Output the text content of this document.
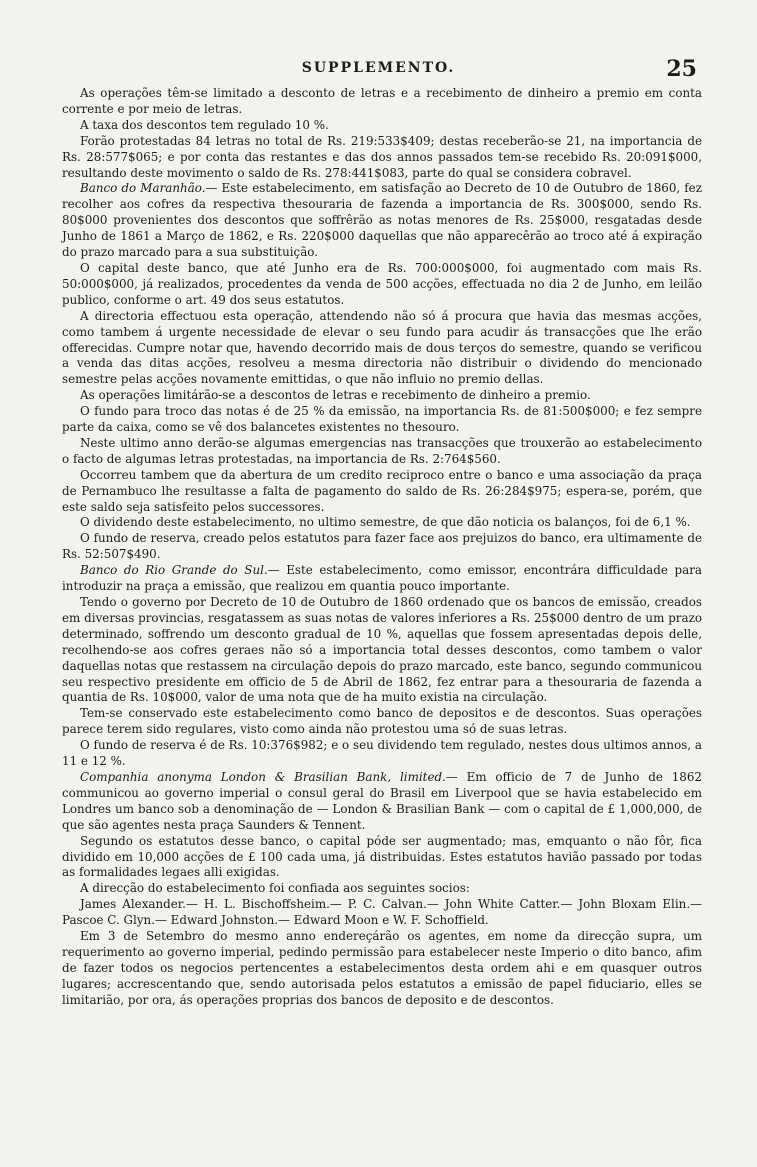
SUPPLEMENTO.	25

As operações têm-se limitado a desconto de letras e a recebimento de dinheiro a premio em conta corrente e por meio de letras.

A taxa dos descontos tem regulado 10 %.

Forão protestadas 84 letras no total de Rs. 219:533$409; destas receberão-se 21, na importancia de Rs. 28:577$065; e por conta das restantes e das dos annos passados tem-se recebido Rs. 20:091$000, resultando deste movimento o saldo de Rs. 278:441$083, parte do qual se considera cobravel.

Banco do Maranhão.— Este estabelecimento, em satisfação ao Decreto de 10 de Outubro de 1860, fez recolher aos cofres da respectiva thesouraria de fazenda a importancia de Rs. 300$000, sendo Rs. 80$000 provenientes dos descontos que soffrêrão as notas menores de Rs. 25$000, resgatadas desde Junho de 1861 a Março de 1862, e Rs. 220$000 daquellas que não apparecêrão ao troco até á expiração do prazo marcado para a sua substituição.

O capital deste banco, que até Junho era de Rs. 700:000$000, foi augmentado com mais Rs. 50:000$000, já realizados, procedentes da venda de 500 acções, effectuada no dia 2 de Junho, em leilão publico, conforme o art. 49 dos seus estatutos.

A directoria effectuou esta operação, attendendo não só á procura que havia das mesmas acções, como tambem á urgente necessidade de elevar o seu fundo para acudir ás transacções que lhe erão offerecidas. Cumpre notar que, havendo decorrido mais de dous terços do semestre, quando se verificou a venda das ditas acções, resolveu a mesma directoria não distribuir o dividendo do mencionado semestre pelas acções novamente emittidas, o que não influio no premio dellas.

As operações limitárão-se a descontos de letras e recebimento de dinheiro a premio.

O fundo para troco das notas é de 25 % da emissão, na importancia Rs. de 81:500$000; e fez sempre parte da caixa, como se vê dos balancetes existentes no thesouro.

Neste ultimo anno derão-se algumas emergencias nas transacções que trouxerão ao estabelecimento o facto de algumas letras protestadas, na importancia de Rs. 2:764$560.

Occorreu tambem que da abertura de um credito reciproco entre o banco e uma associação da praça de Pernambuco lhe resultasse a falta de pagamento do saldo de Rs. 26:284$975; espera-se, porém, que este saldo seja satisfeito pelos successores.

O dividendo deste estabelecimento, no ultimo semestre, de que dão noticia os balanços, foi de 6,1 %.

O fundo de reserva, creado pelos estatutos para fazer face aos prejuizos do banco, era ultimamente de Rs. 52:507$490.

Banco do Rio Grande do Sul.— Este estabelecimento, como emissor, encontrára difficuldade para introduzir na praça a emissão, que realizou em quantia pouco importante.

Tendo o governo por Decreto de 10 de Outubro de 1860 ordenado que os bancos de emissão, creados em diversas provincias, resgatassem as suas notas de valores inferiores a Rs. 25$000 dentro de um prazo determinado, soffrendo um desconto gradual de 10 %, aquellas que fossem apresentadas depois delle, recolhendo-se aos cofres geraes não só a importancia total desses descontos, como tambem o valor daquellas notas que restassem na circulação depois do prazo marcado, este banco, segundo communicou seu respectivo presidente em officio de 5 de Abril de 1862, fez entrar para a thesouraria de fazenda a quantia de Rs. 10$000, valor de uma nota que de ha muito existia na circulação.

Tem-se conservado este estabelecimento como banco de depositos e de descontos. Suas operações parece terem sido regulares, visto como ainda não protestou uma só de suas letras.

O fundo de reserva é de Rs. 10:376$982; e o seu dividendo tem regulado, nestes dous ultimos annos, a 11 e 12 %.

Companhia anonyma London & Brasilian Bank, limited.— Em officio de 7 de Junho de 1862 communicou ao governo imperial o consul geral do Brasil em Liverpool que se havia estabelecido em Londres um banco sob a denominação de — London & Brasilian Bank — com o capital de £ 1,000,000, de que são agentes nesta praça Saunders & Tennent.

Segundo os estatutos desse banco, o capital póde ser augmentado; mas, emquanto o não fôr, fica dividido em 10,000 acções de £ 100 cada uma, já distribuidas. Estes estatutos havião passado por todas as formalidades legaes alli exigidas.

A direcção do estabelecimento foi confiada aos seguintes socios:

James Alexander.— H. L. Bischoffsheim.— P. C. Calvan.— John White Catter.— John Bloxam Elin.— Pascoe C. Glyn.— Edward Johnston.— Edward Moon e W. F. Schoffield.

Em 3 de Setembro do mesmo anno endereçárão os agentes, em nome da direcção supra, um requerimento ao governo imperial, pedindo permissão para estabelecer neste Imperio o dito banco, afim de fazer todos os negocios pertencentes a estabelecimentos desta ordem ahi e em quasquer outros lugares; accrescentando que, sendo autorisada pelos estatutos a emissão de papel fiduciario, elles se limitarião, por ora, ás operações proprias dos bancos de deposito e de descontos.
